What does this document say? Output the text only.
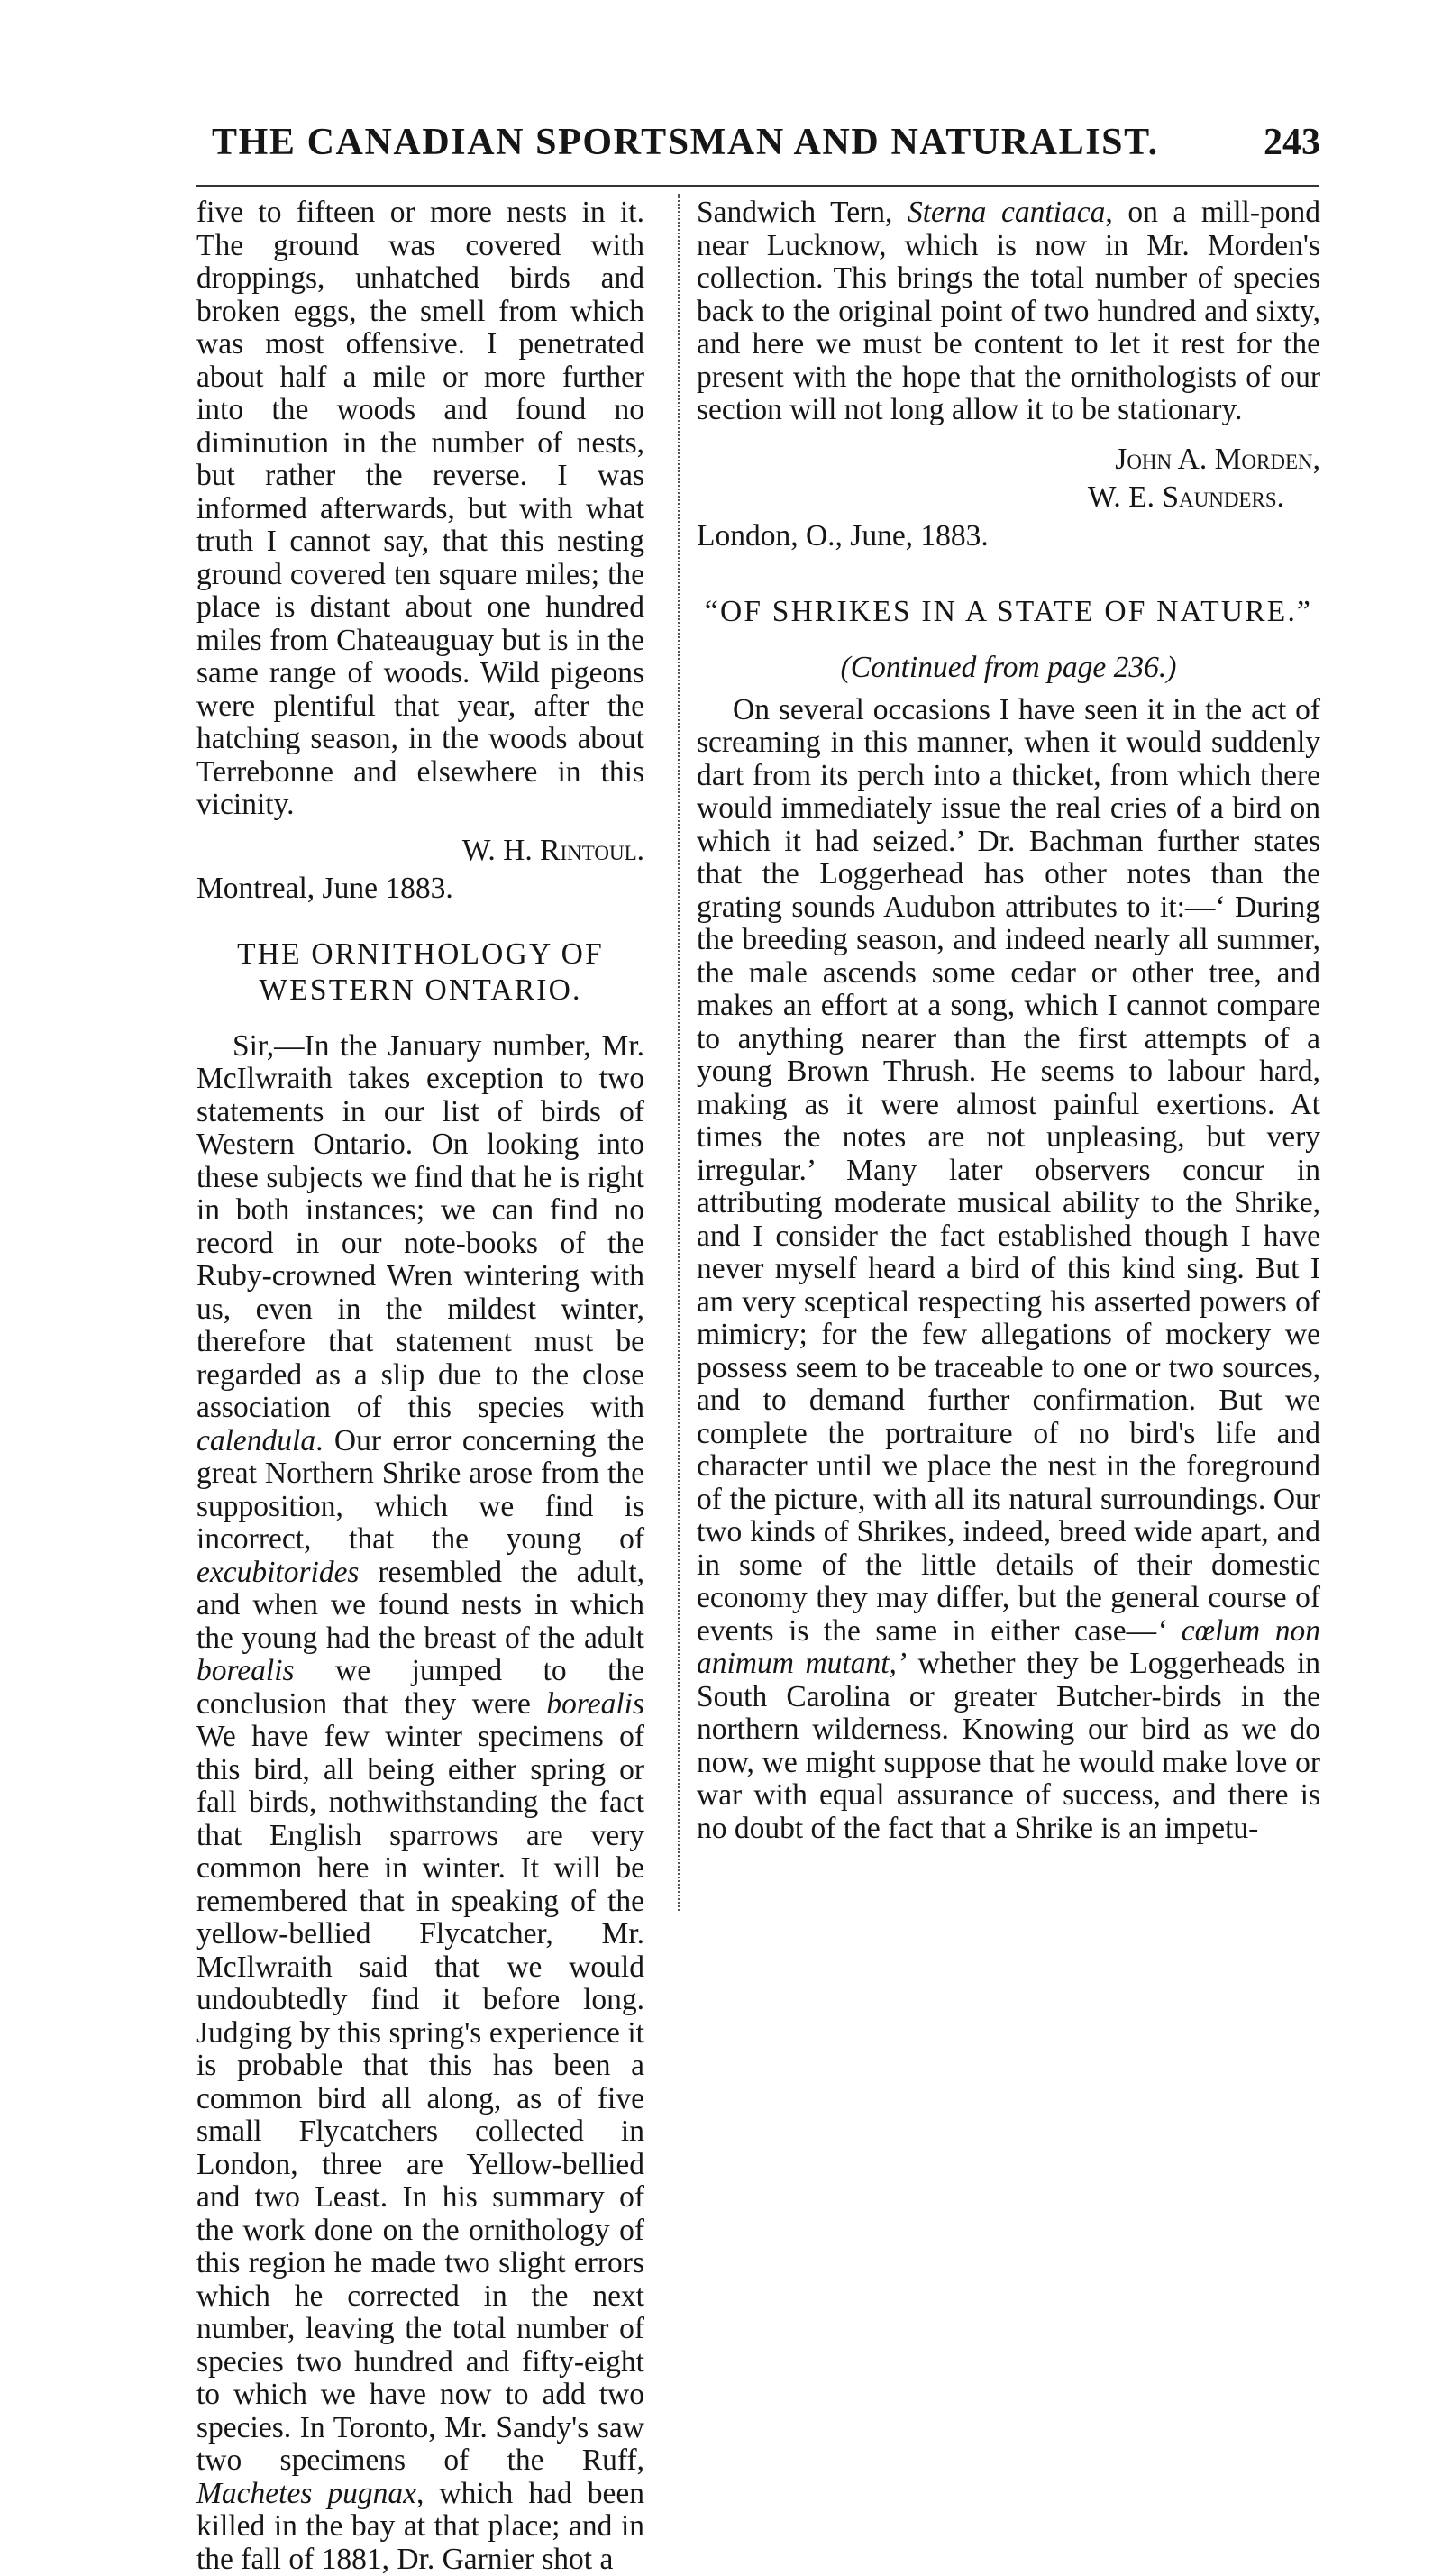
THE CANADIAN SPORTSMAN AND NATURALIST.	243

five to fifteen or more nests in it. The ground was covered with droppings, unhatched birds and broken eggs, the smell from which was most offensive. I penetrated about half a mile or more further into the woods and found no diminution in the number of nests, but rather the reverse. I was informed afterwards, but with what truth I cannot say, that this nesting ground covered ten square miles; the place is distant about one hundred miles from Chateauguay but is in the same range of woods. Wild pigeons were plentiful that year, after the hatching season, in the woods about Terrebonne and elsewhere in this vicinity.

W. H. Rintoul.

Montreal, June 1883.

THE ORNITHOLOGY OF WESTERN ONTARIO.

Sir,—In the January number, Mr. McIlwraith takes exception to two statements in our list of birds of Western Ontario. On looking into these subjects we find that he is right in both instances; we can find no record in our note-books of the Ruby-crowned Wren wintering with us, even in the mildest winter, therefore that statement must be regarded as a slip due to the close association of this species with calendula. Our error concerning the great Northern Shrike arose from the supposition, which we find is incorrect, that the young of excubitorides resembled the adult, and when we found nests in which the young had the breast of the adult borealis we jumped to the conclusion that they were borealis We have few winter specimens of this bird, all being either spring or fall birds, nothwithstanding the fact that English sparrows are very common here in winter. It will be remembered that in speaking of the yellow-bellied Flycatcher, Mr. McIlwraith said that we would undoubtedly find it before long. Judging by this spring's experience it is probable that this has been a common bird all along, as of five small Flycatchers collected in London, three are Yellow-bellied and two Least. In his summary of the work done on the ornithology of this region he made two slight errors which he corrected in the next number, leaving the total number of species two hundred and fifty-eight to which we have now to add two species. In Toronto, Mr. Sandy's saw two specimens of the Ruff, Machetes pugnax, which had been killed in the bay at that place; and in the fall of 1881, Dr. Garnier shot a

Sandwich Tern, Sterna cantiaca, on a mill-pond near Lucknow, which is now in Mr. Morden's collection. This brings the total number of species back to the original point of two hundred and sixty, and here we must be content to let it rest for the present with the hope that the ornithologists of our section will not long allow it to be stationary.

John A. Morden,

W. E. Saunders.

London, O., June, 1883.

“OF SHRIKES IN A STATE OF NATURE.”

(Continued from page 236.)

On several occasions I have seen it in the act of screaming in this manner, when it would suddenly dart from its perch into a thicket, from which there would immediately issue the real cries of a bird on which it had seized.’ Dr. Bachman further states that the Loggerhead has other notes than the grating sounds Audubon attributes to it:—‘ During the breeding season, and indeed nearly all summer, the male ascends some cedar or other tree, and makes an effort at a song, which I cannot compare to anything nearer than the first attempts of a young Brown Thrush. He seems to labour hard, making as it were almost painful exertions. At times the notes are not unpleasing, but very irregular.’ Many later observers concur in attributing moderate musical ability to the Shrike, and I consider the fact established though I have never myself heard a bird of this kind sing. But I am very sceptical respecting his asserted powers of mimicry; for the few allegations of mockery we possess seem to be traceable to one or two sources, and to demand further confirmation. But we complete the portraiture of no bird's life and character until we place the nest in the foreground of the picture, with all its natural surroundings. Our two kinds of Shrikes, indeed, breed wide apart, and in some of the little details of their domestic economy they may differ, but the general course of events is the same in either case—‘ cœlum non animum mutant,’ whether they be Loggerheads in South Carolina or greater Butcher-birds in the northern wilderness. Knowing our bird as we do now, we might suppose that he would make love or war with equal assurance of success, and there is no doubt of the fact that a Shrike is an impetu-
